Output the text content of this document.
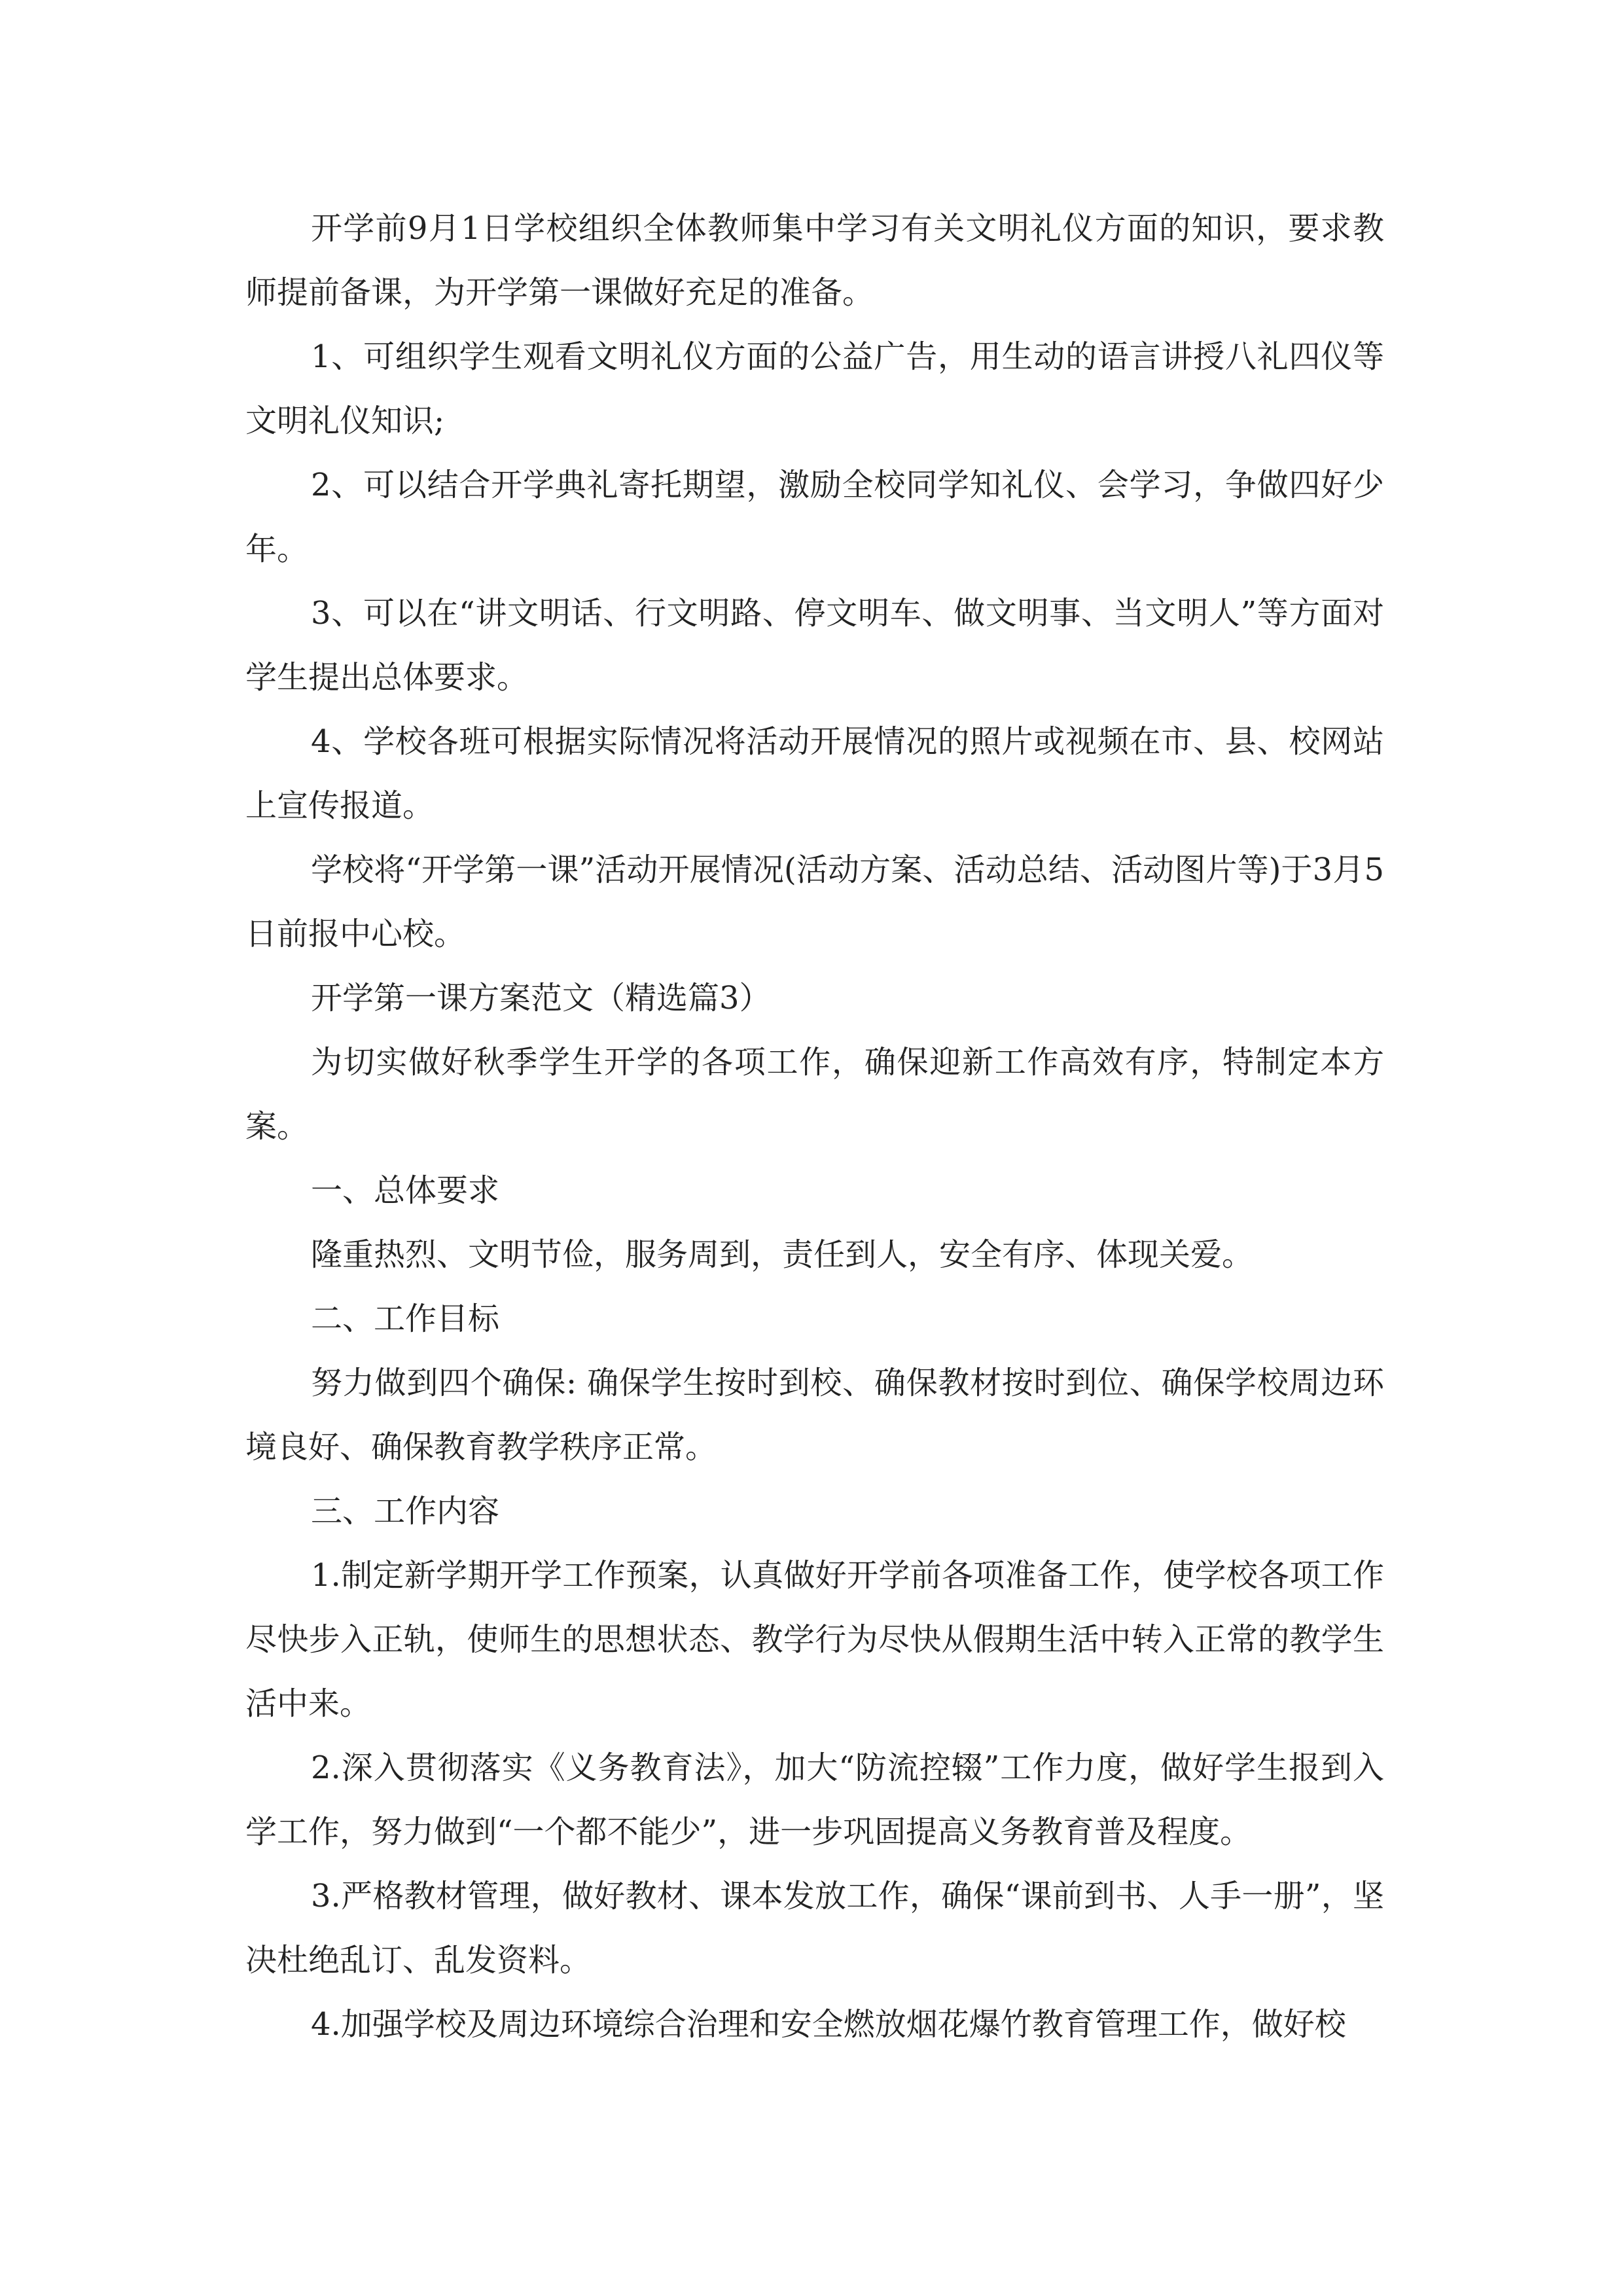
开学前9月1日学校组织全体教师集中学习有关文明礼仪方面的知识，要求教师提前备课，为开学第一课做好充足的准备。

1、可组织学生观看文明礼仪方面的公益广告，用生动的语言讲授八礼四仪等文明礼仪知识;

2、可以结合开学典礼寄托期望，激励全校同学知礼仪、会学习，争做四好少年。

3、可以在“讲文明话、行文明路、停文明车、做文明事、当文明人”等方面对学生提出总体要求。

4、学校各班可根据实际情况将活动开展情况的照片或视频在市、县、校网站上宣传报道。

学校将“开学第一课”活动开展情况(活动方案、活动总结、活动图片等)于3月5日前报中心校。

开学第一课方案范文（精选篇3）

为切实做好秋季学生开学的各项工作，确保迎新工作高效有序，特制定本方案。

一、总体要求

隆重热烈、文明节俭，服务周到，责任到人，安全有序、体现关爱。

二、工作目标

努力做到四个确保: 确保学生按时到校、确保教材按时到位、确保学校周边环境良好、确保教育教学秩序正常。

三、工作内容

1.制定新学期开学工作预案，认真做好开学前各项准备工作，使学校各项工作尽快步入正轨，使师生的思想状态、教学行为尽快从假期生活中转入正常的教学生活中来。

2.深入贯彻落实《义务教育法》，加大“防流控辍”工作力度，做好学生报到入学工作，努力做到“一个都不能少”，进一步巩固提高义务教育普及程度。

3.严格教材管理，做好教材、课本发放工作，确保“课前到书、人手一册”，坚决杜绝乱订、乱发资料。

4.加强学校及周边环境综合治理和安全燃放烟花爆竹教育管理工作，做好校
